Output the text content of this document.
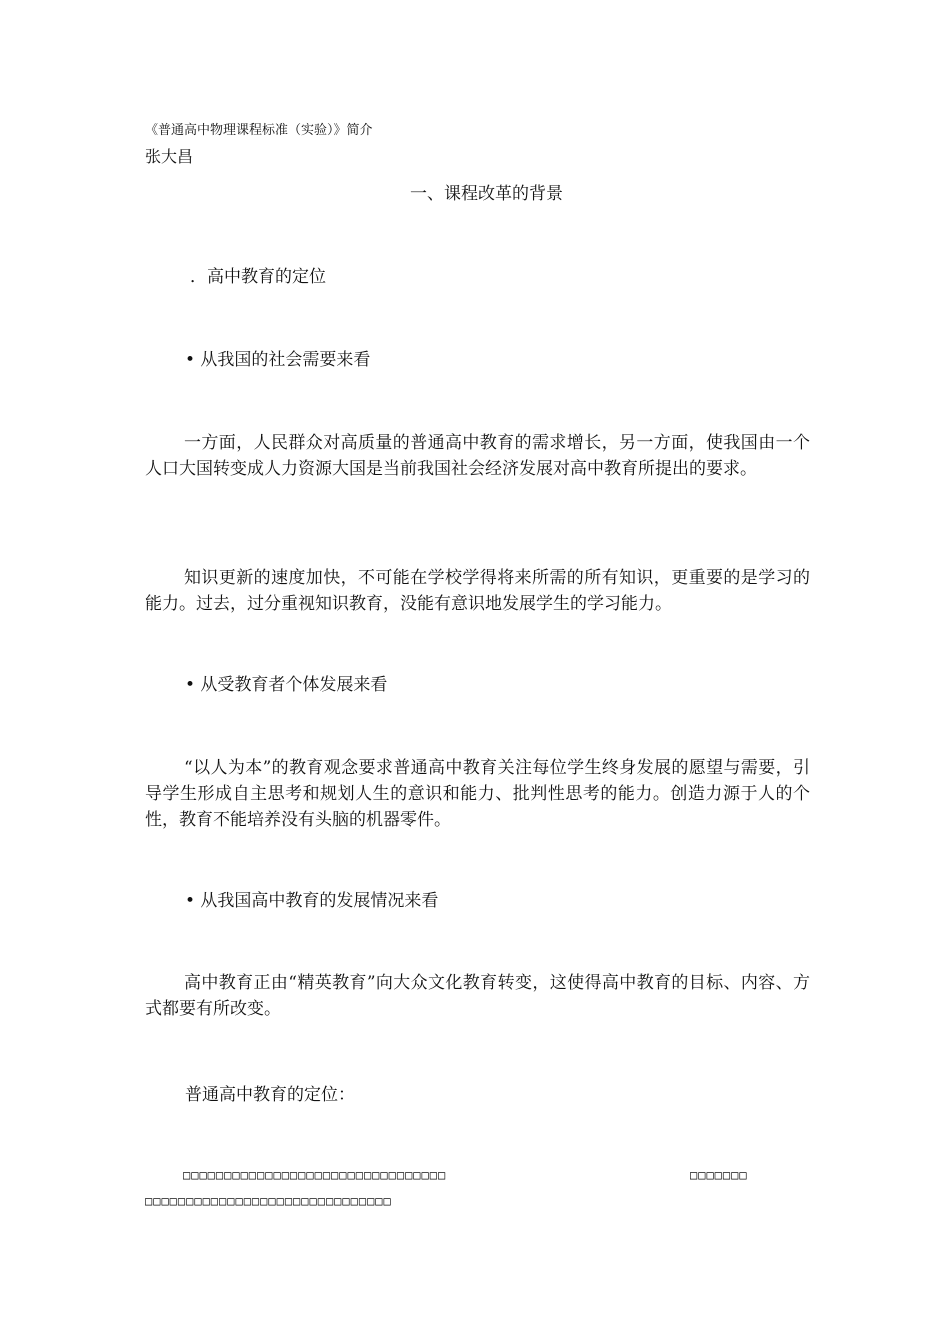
《普通高中物理课程标准（实验）》简介
张大昌
一、课程改革的背景
．高中教育的定位
• 从我国的社会需要来看
一方面，人民群众对高质量的普通高中教育的需求增长，另一方面，使我国由一个人口大国转变成人力资源大国是当前我国社会经济发展对高中教育所提出的要求。
知识更新的速度加快，不可能在学校学得将来所需的所有知识，更重要的是学习的能力。过去，过分重视知识教育，没能有意识地发展学生的学习能力。
• 从受教育者个体发展来看
“以人为本”的教育观念要求普通高中教育关注每位学生终身发展的愿望与需要，引导学生形成自主思考和规划人生的意识和能力、批判性思考的能力。创造力源于人的个性，教育不能培养没有头脑的机器零件。
• 从我国高中教育的发展情况来看
高中教育正由“精英教育”向大众文化教育转变，这使得高中教育的目标、内容、方式都要有所改变。
普通高中教育的定位：
□□□□□□□□□□□□□□□□□□□□□□□□□□□□□□□□	□□□□□□□
□□□□□□□□□□□□□□□□□□□□□□□□□□□□□□
